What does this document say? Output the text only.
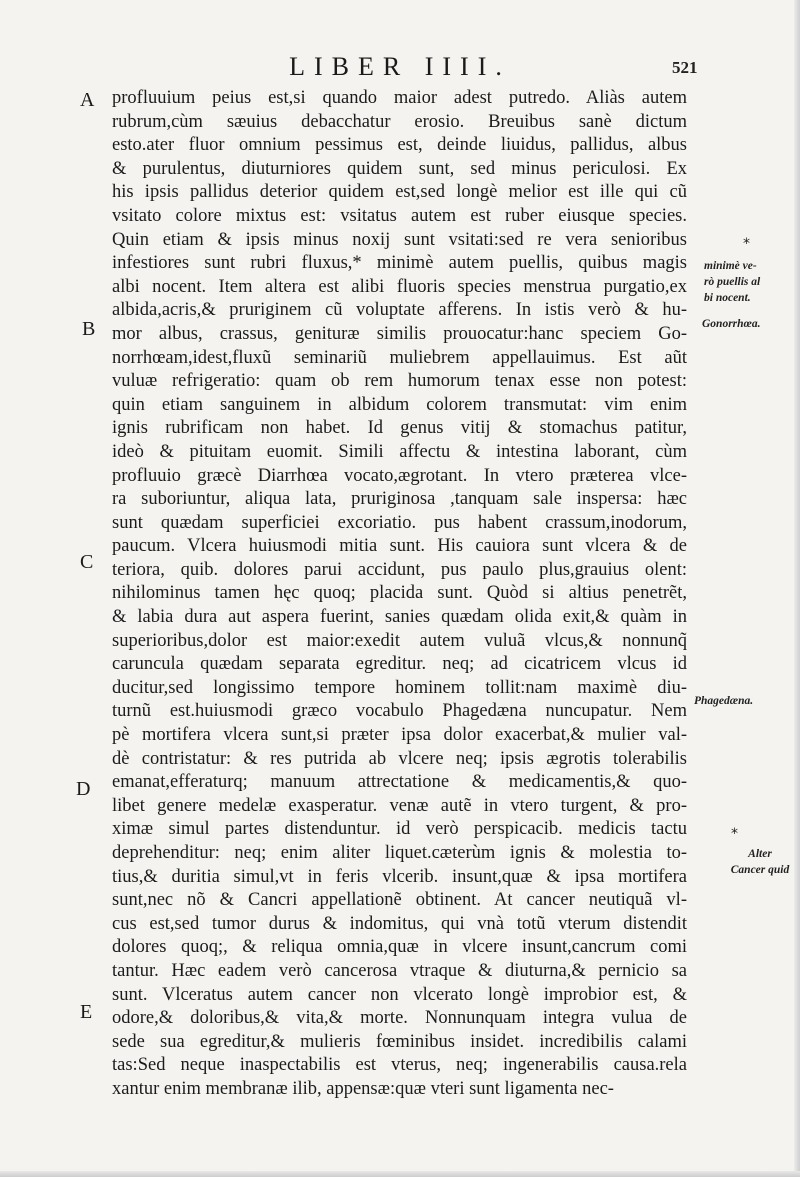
LIBER IIII.	521
A
B
C
D
E
profluuium peius est,si quando maior adest putredo. Aliàs autem
rubrum,cùm sæuius debacchatur erosio. Breuibus sanè dictum
esto.ater fluor omnium pessimus est, deinde liuidus, pallidus, albus
& purulentus, diuturniores quidem sunt, sed minus periculosi. Ex
his ipsis pallidus deterior quidem est,sed longè melior est ille qui cũ
vsitato colore mixtus est: vsitatus autem est ruber eiusque species.
Quin etiam & ipsis minus noxij sunt vsitati:sed re vera senioribus
infestiores sunt rubri fluxus,* minimè autem puellis, quibus magis
albi nocent. Item altera est alibi fluoris species menstrua purgatio,ex
albida,acris,& pruriginem cũ voluptate afferens. In istis verò & hu-
mor albus, crassus, genituræ similis prouocatur:hanc speciem Go-
norrhœam,idest,fluxũ seminariũ muliebrem appellauimus. Est aũt
vuluæ refrigeratio: quam ob rem humorum tenax esse non potest:
quin etiam sanguinem in albidum colorem transmutat: vim enim
ignis rubrificam non habet. Id genus vitij & stomachus patitur,
ideò & pituitam euomit. Simili affectu & intestina laborant, cùm
profluuio græcè Diarrhœa vocato,ægrotant. In vtero præterea vlce-
ra suboriuntur, aliqua lata, pruriginosa ,tanquam sale inspersa: hæc
sunt quædam superficiei excoriatio. pus habent crassum,inodorum,
paucum. Vlcera huiusmodi mitia sunt. His cauiora sunt vlcera & de
teriora, quib. dolores parui accidunt, pus paulo plus,grauius olent:
nihilominus tamen hęc quoq; placida sunt. Quòd si altius penetrẽt,
& labia dura aut aspera fuerint, sanies quædam olida exit,& quàm in
superioribus,dolor est maior:exedit autem vuluã vlcus,& nonnunq̃
caruncula quædam separata egreditur. neq; ad cicatricem vlcus id
ducitur,sed longissimo tempore hominem tollit:nam maximè diu-
turnũ est.huiusmodi græco vocabulo Phagedæna nuncupatur. Nem
pè mortifera vlcera sunt,si præter ipsa dolor exacerbat,& mulier val-
dè contristatur: & res putrida ab vlcere neq; ipsis ægrotis tolerabilis
emanat,efferaturq; manuum attrectatione & medicamentis,& quo-
libet genere medelæ exasperatur. venæ autẽ in vtero turgent, & pro-
ximæ simul partes distenduntur. id verò perspicacib. medicis tactu
deprehenditur: neq; enim aliter liquet.cæterùm ignis & molestia to-
tius,& duritia simul,vt in feris vlcerib. insunt,quæ & ipsa mortifera
sunt,nec nõ & Cancri appellationẽ obtinent. At cancer neutiquã vl-
cus est,sed tumor durus & indomitus, qui vnà totũ vterum distendit
dolores quoq;, & reliqua omnia,quæ in vlcere insunt,cancrum comi
tantur. Hæc eadem verò cancerosa vtraque & diuturna,& pernicio sa
sunt. Vlceratus autem cancer non vlcerato longè improbior est, &
odore,& doloribus,& vita,& morte. Nonnunquam integra vulua de
sede sua egreditur,& mulieris fœminibus insidet. incredibilis calami
tas:Sed neque inaspectabilis est vterus, neq; ingenerabilis causa.rela
xantur enim membranæ ilib, appensæ:quæ vteri sunt ligamenta nec-
*
minimè ve-
rò puellis al
bi nocent.
Gonorrhœa.
Phagedæna.
*
Alter
Cancer quid
